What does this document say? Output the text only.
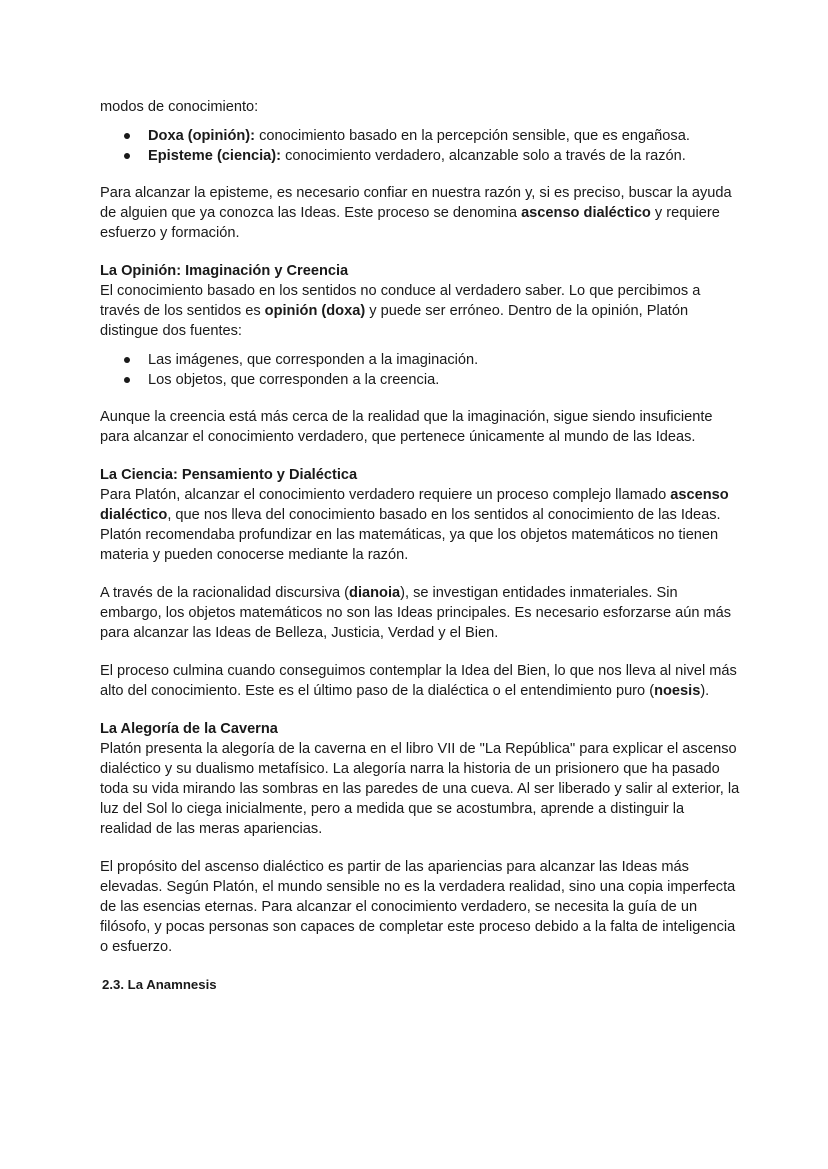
modos de conocimiento:

Doxa (opinión): conocimiento basado en la percepción sensible, que es engañosa.
Episteme (ciencia): conocimiento verdadero, alcanzable solo a través de la razón.

Para alcanzar la episteme, es necesario confiar en nuestra razón y, si es preciso, buscar la ayuda de alguien que ya conozca las Ideas. Este proceso se denomina ascenso dialéctico y requiere esfuerzo y formación.

La Opinión: Imaginación y Creencia

El conocimiento basado en los sentidos no conduce al verdadero saber. Lo que percibimos a través de los sentidos es opinión (doxa) y puede ser erróneo. Dentro de la opinión, Platón distingue dos fuentes:

Las imágenes, que corresponden a la imaginación.
Los objetos, que corresponden a la creencia.

Aunque la creencia está más cerca de la realidad que la imaginación, sigue siendo insuficiente para alcanzar el conocimiento verdadero, que pertenece únicamente al mundo de las Ideas.

La Ciencia: Pensamiento y Dialéctica

Para Platón, alcanzar el conocimiento verdadero requiere un proceso complejo llamado ascenso dialéctico, que nos lleva del conocimiento basado en los sentidos al conocimiento de las Ideas. Platón recomendaba profundizar en las matemáticas, ya que los objetos matemáticos no tienen materia y pueden conocerse mediante la razón.

A través de la racionalidad discursiva (dianoia), se investigan entidades inmateriales. Sin embargo, los objetos matemáticos no son las Ideas principales. Es necesario esforzarse aún más para alcanzar las Ideas de Belleza, Justicia, Verdad y el Bien.

El proceso culmina cuando conseguimos contemplar la Idea del Bien, lo que nos lleva al nivel más alto del conocimiento. Este es el último paso de la dialéctica o el entendimiento puro (noesis).

La Alegoría de la Caverna

Platón presenta la alegoría de la caverna en el libro VII de "La República" para explicar el ascenso dialéctico y su dualismo metafísico. La alegoría narra la historia de un prisionero que ha pasado toda su vida mirando las sombras en las paredes de una cueva. Al ser liberado y salir al exterior, la luz del Sol lo ciega inicialmente, pero a medida que se acostumbra, aprende a distinguir la realidad de las meras apariencias.

El propósito del ascenso dialéctico es partir de las apariencias para alcanzar las Ideas más elevadas. Según Platón, el mundo sensible no es la verdadera realidad, sino una copia imperfecta de las esencias eternas. Para alcanzar el conocimiento verdadero, se necesita la guía de un filósofo, y pocas personas son capaces de completar este proceso debido a la falta de inteligencia o esfuerzo.

2.3. La Anamnesis
